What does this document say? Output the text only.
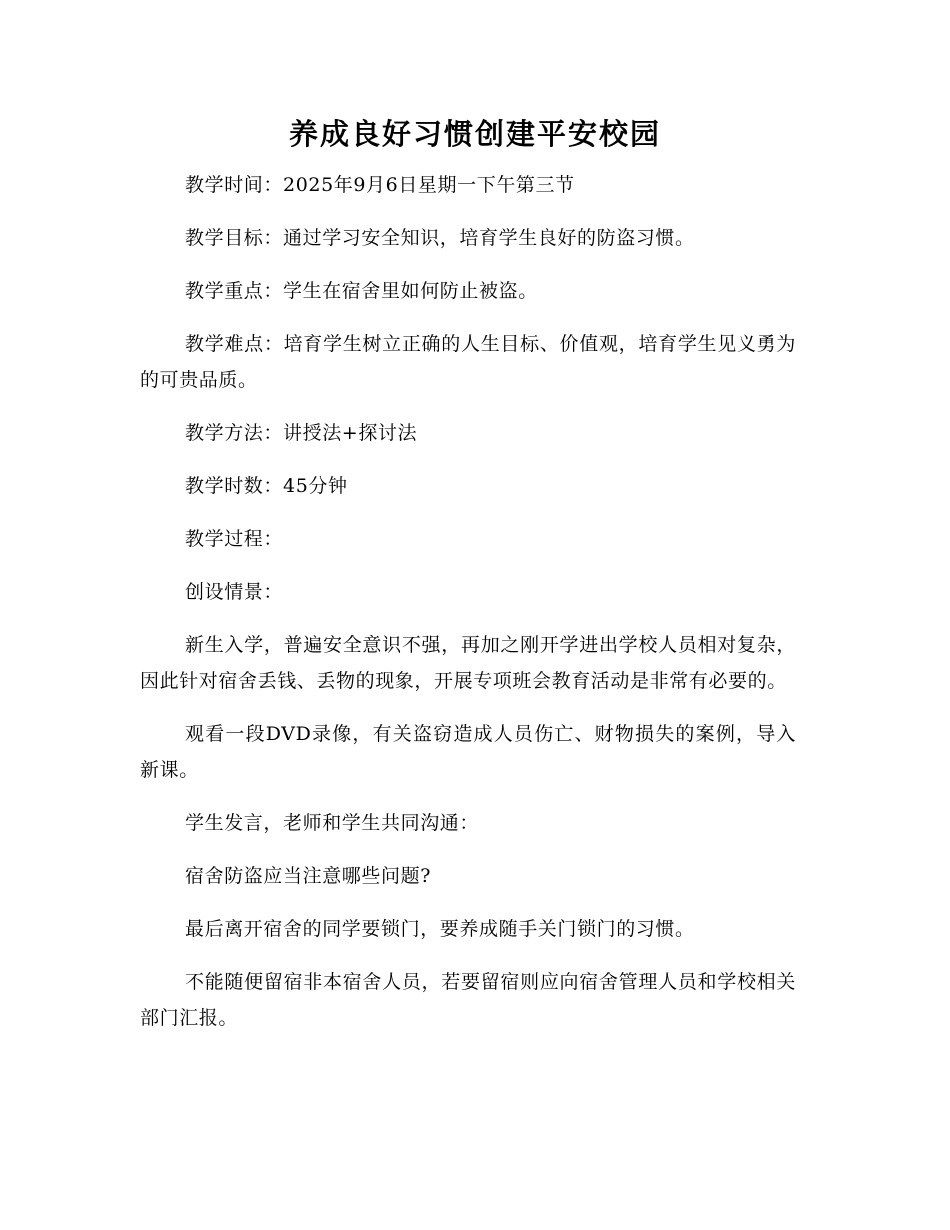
养成良好习惯创建平安校园

教学时间：2025年9月6日星期一下午第三节

教学目标：通过学习安全知识，培育学生良好的防盗习惯。

教学重点：学生在宿舍里如何防止被盗。

教学难点：培育学生树立正确的人生目标、价值观，培育学生见义勇为的可贵品质。

教学方法：讲授法+探讨法

教学时数：45分钟

教学过程：

创设情景：

新生入学，普遍安全意识不强，再加之刚开学进出学校人员相对复杂，因此针对宿舍丢钱、丢物的现象，开展专项班会教育活动是非常有必要的。

观看一段DVD录像，有关盗窃造成人员伤亡、财物损失的案例，导入新课。

学生发言，老师和学生共同沟通：

宿舍防盗应当注意哪些问题?

最后离开宿舍的同学要锁门，要养成随手关门锁门的习惯。

不能随便留宿非本宿舍人员，若要留宿则应向宿舍管理人员和学校相关部门汇报。
